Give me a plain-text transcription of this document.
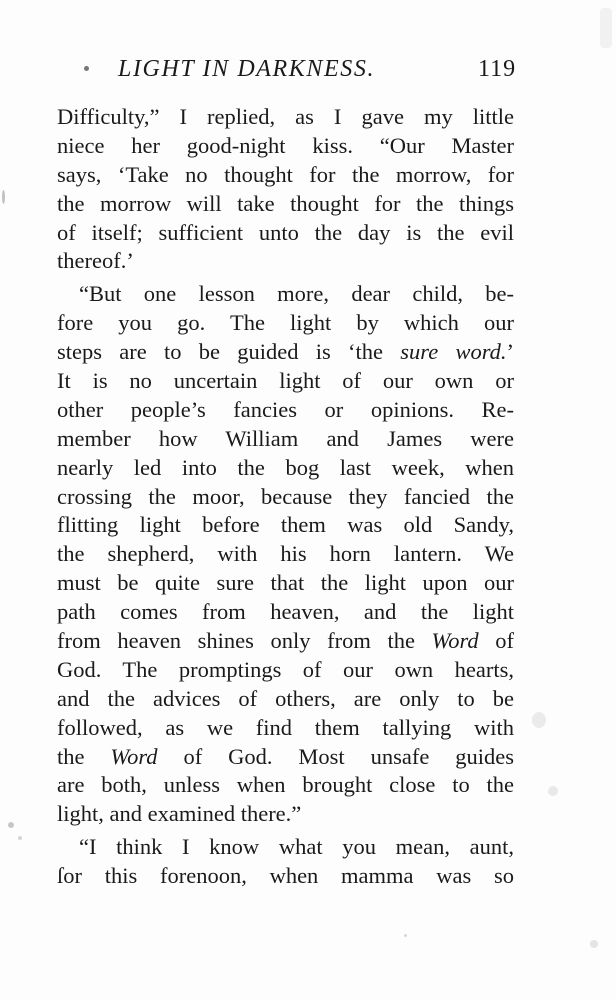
LIGHT IN DARKNESS.	119
Difficulty,” I replied, as I gave my little
niece her good-night kiss. “Our Master
says, ‘Take no thought for the morrow, for
the morrow will take thought for the things
of itself; sufficient unto the day is the evil
thereof.’
“But one lesson more, dear child, be-
fore you go. The light by which our
steps are to be guided is ‘the sure word.’
It is no uncertain light of our own or
other people’s fancies or opinions. Re-
member how William and James were
nearly led into the bog last week, when
crossing the moor, because they fancied the
flitting light before them was old Sandy,
the shepherd, with his horn lantern. We
must be quite sure that the light upon our
path comes from heaven, and the light
from heaven shines only from the Word of
God. The promptings of our own hearts,
and the advices of others, are only to be
followed, as we find them tallying with
the Word of God. Most unsafe guides
are both, unless when brought close to the
light, and examined there.”
“I think I know what you mean, aunt,
ſor this forenoon, when mamma was so
